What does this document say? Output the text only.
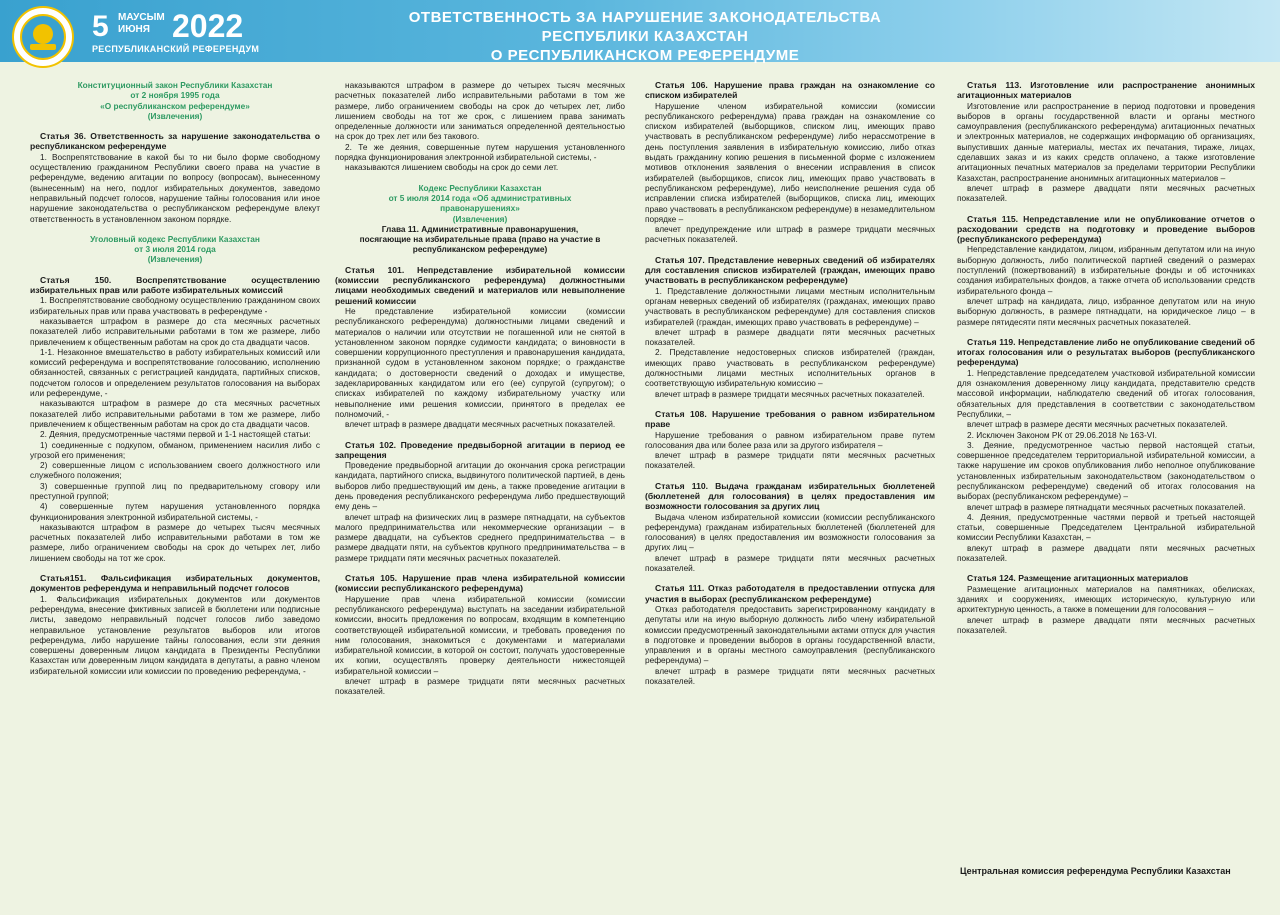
5 МАУСЫМ
ИЮНЯ 2022
РЕСПУБЛИКАНСКИЙ РЕФЕРЕНДУМ
ОТВЕТСТВЕННОСТЬ ЗА НАРУШЕНИЕ ЗАКОНОДАТЕЛЬСТВА РЕСПУБЛИКИ КАЗАХСТАН
О РЕСПУБЛИКАНСКОМ РЕФЕРЕНДУМЕ

Конституционный закон Республики Казахстан

от 2 ноября 1995 года

«О республиканском референдуме»

(Извлечения)

Статья 36. Ответственность за нарушение законодательства о республиканском референдуме

1. Воспрепятствование в какой бы то ни было форме свободному осуществлению гражданином Республики своего права на участие в референдуме, ведению агитации по вопросу (вопросам), вынесенному (вынесенным) на него, подлог избирательных документов, заведомо неправильный подсчет голосов, нарушение тайны голосования или иное нарушение законодательства о республиканском референдуме влекут ответственность в установленном законом порядке.

Уголовный кодекс Республики Казахстан

от 3 июля 2014 года

(Извлечения)

Статья 150. Воспрепятствование осуществлению избирательных прав или работе избирательных комиссий

1. Воспрепятствование свободному осуществлению гражданином своих избирательных прав или права участвовать в референдуме -

наказывается штрафом в размере до ста месячных расчетных показателей либо исправительными работами в том же размере, либо привлечением к общественным работам на срок до ста двадцати часов.

1-1. Незаконное вмешательство в работу избирательных комиссий или комиссий референдума и воспрепятствование голосованию, исполнению обязанностей, связанных с регистрацией кандидата, партийных списков, подсчетом голосов и определением результатов голосования на выборах или референдуме, -

наказываются штрафом в размере до ста месячных расчетных показателей либо исправительными работами в том же размере, либо привлечением к общественным работам на срок до ста двадцати часов.

2. Деяния, предусмотренные частями первой и 1-1 настоящей статьи:

1) соединенные с подкупом, обманом, применением насилия либо с угрозой его применения;

2) совершенные лицом с использованием своего должностного или служебного положения;

3) совершенные группой лиц по предварительному сговору или преступной группой;

4) совершенные путем нарушения установленного порядка функционирования электронной избирательной системы, -

наказываются штрафом в размере до четырех тысяч месячных расчетных показателей либо исправительными работами в том же размере, либо ограничением свободы на срок до четырех лет, либо лишением свободы на тот же срок.

Статья151. Фальсификация избирательных документов, документов референдума и неправильный подсчет голосов

1. Фальсификация избирательных документов или документов референдума, внесение фиктивных записей в бюллетени или подписные листы, заведомо неправильный подсчет голосов либо заведомо неправильное установление результатов выборов или итогов референдума, либо нарушение тайны голосования, если эти деяния совершены доверенным лицом кандидата в Президенты Республики Казахстан или доверенным лицом кандидата в депутаты, а равно членом избирательной комиссии или комиссии по проведению референдума, -

наказываются штрафом в размере до четырех тысяч месячных расчетных показателей либо исправительными работами в том же размере, либо ограничением свободы на срок до четырех лет, либо лишением свободы на тот же срок, с лишением права занимать определенные должности или заниматься определенной деятельностью на срок до трех лет или без такового.

2. Те же деяния, совершенные путем нарушения установленного порядка функционирования электронной избирательной системы, -

наказываются лишением свободы на срок до семи лет.

Кодекс Республики Казахстан

от 5 июля 2014 года «Об административных

правонарушениях»

(Извлечения)

Глава 11. Административные правонарушения,

посягающие на избирательные права (право на участие в

республиканском референдуме)

Статья 101. Непредставление избирательной комиссии (комиссии республиканского референдума) должностными лицами необходимых сведений и материалов или невыполнение решений комиссии

Не представление избирательной комиссии (комиссии республиканского референдума) должностными лицами сведений и материалов о наличии или отсутствии не погашенной или не снятой в установленном законом порядке судимости кандидата; о виновности в совершении коррупционного преступления и правонарушения кандидата, признанной судом в установленном законом порядке; о гражданстве кандидата; о достоверности сведений о доходах и имуществе, задекларированных кандидатом или его (ее) супругой (супругом); о списках избирателей по каждому избирательному участку или невыполнение ими решения комиссии, принятого в пределах ее полномочий, -

влечет штраф в размере двадцати месячных расчетных показателей.

Статья 102. Проведение предвыборной агитации в период ее запрещения

Проведение предвыборной агитации до окончания срока регистрации кандидата, партийного списка, выдвинутого политической партией, в день выборов либо предшествующий им день, а также проведение агитации в день проведения республиканского референдума либо предшествующий ему день –

влечет штраф на физических лиц в размере пятнадцати, на субъектов малого предпринимательства или некоммерческие организации – в размере двадцати, на субъектов среднего предпринимательства – в размере двадцати пяти, на субъектов крупного предпринимательства – в размере тридцати пяти месячных расчетных показателей.

Статья 105. Нарушение прав члена избирательной комиссии (комиссии республиканского референдума)

Нарушение прав члена избирательной комиссии (комиссии республиканского референдума) выступать на заседании избирательной комиссии, вносить предложения по вопросам, входящим в компетенцию соответствующей избирательной комиссии, и требовать проведения по ним голосования, знакомиться с документами и материалами избирательной комиссии, в которой он состоит, получать удостоверенные их копии, осуществлять проверку деятельности нижестоящей избирательной комиссии –

влечет штраф в размере тридцати пяти месячных расчетных показателей.

Статья 106. Нарушение права граждан на ознакомление со списком избирателей

Нарушение членом избирательной комиссии (комиссии республиканского референдума) права граждан на ознакомление со списком избирателей (выборщиков, списком лиц, имеющих право участвовать в республиканском референдуме) либо нерассмотрение в день поступления заявления в избирательную комиссию, либо отказ выдать гражданину копию решения в письменной форме с изложением мотивов отклонения заявления о внесении исправления в список избирателей (выборщиков, список лиц, имеющих право участвовать в республиканском референдуме), либо неисполнение решения суда об исправлении списка избирателей (выборщиков, списка лиц, имеющих право участвовать в республиканском референдуме) в незамедлительном порядке –

влечет предупреждение или штраф в размере тридцати месячных расчетных показателей.

Статья 107. Представление неверных сведений об избирателях для составления списков избирателей (граждан, имеющих право участвовать в республиканском референдуме)

1. Представление должностными лицами местным исполнительным органам неверных сведений об избирателях (гражданах, имеющих право участвовать в республиканском референдуме) для составления списков избирателей (граждан, имеющих право участвовать в референдуме) –

влечет штраф в размере двадцати пяти месячных расчетных показателей.

2. Представление недостоверных списков избирателей (граждан, имеющих право участвовать в республиканском референдуме) должностными лицами местных исполнительных органов в соответствующую избирательную комиссию –

влечет штраф в размере тридцати месячных расчетных показателей.

Статья 108. Нарушение требования о равном избирательном праве

Нарушение требования о равном избирательном праве путем голосования два или более раза или за другого избирателя –

влечет штраф в размере тридцати пяти месячных расчетных показателей.

Статья 110. Выдача гражданам избирательных бюллетеней (бюллетеней для голосования) в целях предоставления им возможности голосования за других лиц

Выдача членом избирательной комиссии (комиссии республиканского референдума) гражданам избирательных бюллетеней (бюллетеней для голосования) в целях предоставления им возможности голосования за других лиц –

влечет штраф в размере тридцати пяти месячных расчетных показателей.

Статья 111. Отказ работодателя в предоставлении отпуска для участия в выборах (республиканском референдуме)

Отказ работодателя предоставить зарегистрированному кандидату в депутаты или на иную выборную должность либо члену избирательной комиссии предусмотренный законодательными актами отпуск для участия в подготовке и проведении выборов в органы государственной власти, управления и в органы местного самоуправления (республиканского референдума) –

влечет штраф в размере тридцати пяти месячных расчетных показателей.

Статья 113. Изготовление или распространение анонимных агитационных материалов

Изготовление или распространение в период подготовки и проведения выборов в органы государственной власти и органы местного самоуправления (республиканского референдума) агитационных печатных и электронных материалов, не содержащих информацию об организациях, выпустивших данные материалы, местах их печатания, тираже, лицах, сделавших заказ и из каких средств оплачено, а также изготовление агитационных печатных материалов за пределами территории Республики Казахстан, распространение анонимных агитационных материалов –

влечет штраф в размере двадцати пяти месячных расчетных показателей.

Статья 115. Непредставление или не опубликование отчетов о расходовании средств на подготовку и проведение выборов (республиканского референдума)

Непредставление кандидатом, лицом, избранным депутатом или на иную выборную должность, либо политической партией сведений о размерах поступлений (пожертвований) в избирательные фонды и об источниках создания избирательных фондов, а также отчета об использовании средств избирательного фонда –

влечет штраф на кандидата, лицо, избранное депутатом или на иную выборную должность, в размере пятнадцати, на юридическое лицо – в размере пятидесяти пяти месячных расчетных показателей.

Статья 119. Непредставление либо не опубликование сведений об итогах голосования или о результатах выборов (республиканского референдума)

1. Непредставление председателем участковой избирательной комиссии для ознакомления доверенному лицу кандидата, представителю средств массовой информации, наблюдателю сведений об итогах голосования, обязательных для представления в соответствии с законодательством Республики, –

влечет штраф в размере десяти месячных расчетных показателей.

2. Исключен Законом РК от 29.06.2018 № 163-VI.

3. Деяние, предусмотренное частью первой настоящей статьи, совершенное председателем территориальной избирательной комиссии, а также нарушение им сроков опубликования либо неполное опубликование установленных избирательным законодательством (законодательством о республиканском референдуме) сведений об итогах голосования на выборах (республиканском референдуме) –

влечет штраф в размере пятнадцати месячных расчетных показателей.

4. Деяния, предусмотренные частями первой и третьей настоящей статьи, совершенные Председателем Центральной избирательной комиссии Республики Казахстан, –

влекут штраф в размере двадцати пяти месячных расчетных показателей.

Статья 124. Размещение агитационных материалов

Размещение агитационных материалов на памятниках, обелисках, зданиях и сооружениях, имеющих историческую, культурную или архитектурную ценность, а также в помещении для голосования –

влечет штраф в размере двадцати пяти месячных расчетных показателей.

Центральная комиссия референдума Республики Казахстан
